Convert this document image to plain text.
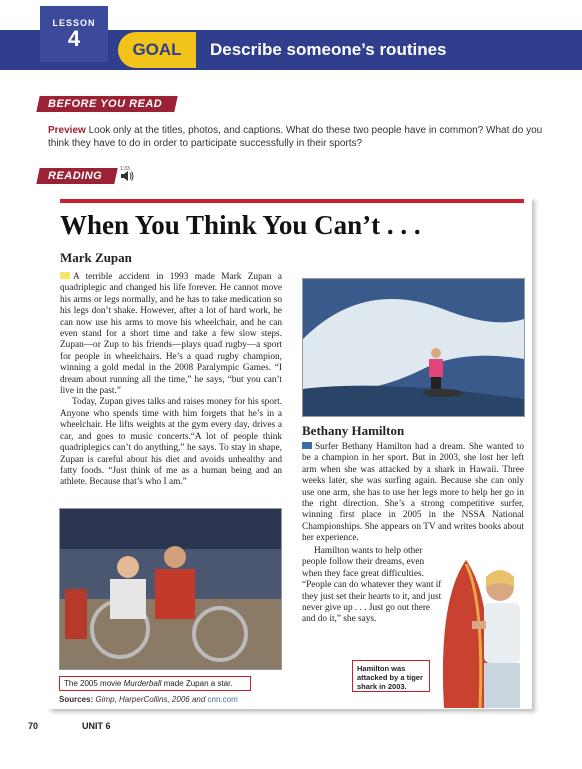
LESSON
4	GOAL	Describe someone’s routines
BEFORE YOU READ
Preview Look only at the titles, photos, and captions. What do these two people have in common? What do you think they have to do in order to participate successfully in their sports?
READING
1:33
When You Think You Can’t . . .
Mark Zupan

A terrible accident in 1993 made Mark Zupan a quadriplegic and changed his life forever. He cannot move his arms or legs normally, and he has to take medication so his legs don’t shake. However, after a lot of hard work, he can now use his arms to move his wheelchair, and he can even stand for a short time and take a few slow steps. Zupan—or Zup to his friends—plays quad rugby—a sport for people in wheelchairs. He’s a quad rugby champion, winning a gold medal in the 2008 Paralympic Games. “I dream about running all the time,” he says, “but you can’t live in the past.”

Today, Zupan gives talks and raises money for his sport. Anyone who spends time with him forgets that he’s in a wheelchair. He lifts weights at the gym every day, drives a car, and goes to music concerts.“A lot of people think quadriplegics can’t do anything,” he says. To stay in shape, Zupan is careful about his diet and avoids unhealthy and fatty foods. “Just think of me as a human being and an athlete. Because that’s who I am.”

The 2005 movie Murderball made Zupan a star.
Sources: Gimp, HarperCollins, 2006 and cnn.com
Bethany Hamilton

Surfer Bethany Hamilton had a dream. She wanted to be a champion in her sport. But in 2003, she lost her left arm when she was attacked by a shark in Hawaii. Three weeks later, she was surfing again. Because she can only use one arm, she has to use her legs more to help her go in the right direction. She’s a strong competitive surfer, winning first place in 2005 in the NSSA National Championships. She appears on TV and writes books about her experience.

Hamilton wants to help other people follow their dreams, even when they face great difficulties. “People can do whatever they want if they just set their hearts to it, and just never give up . . . Just go out there and do it,” she says.

Hamilton was attacked by a tiger shark in 2003.
70	UNIT 6
